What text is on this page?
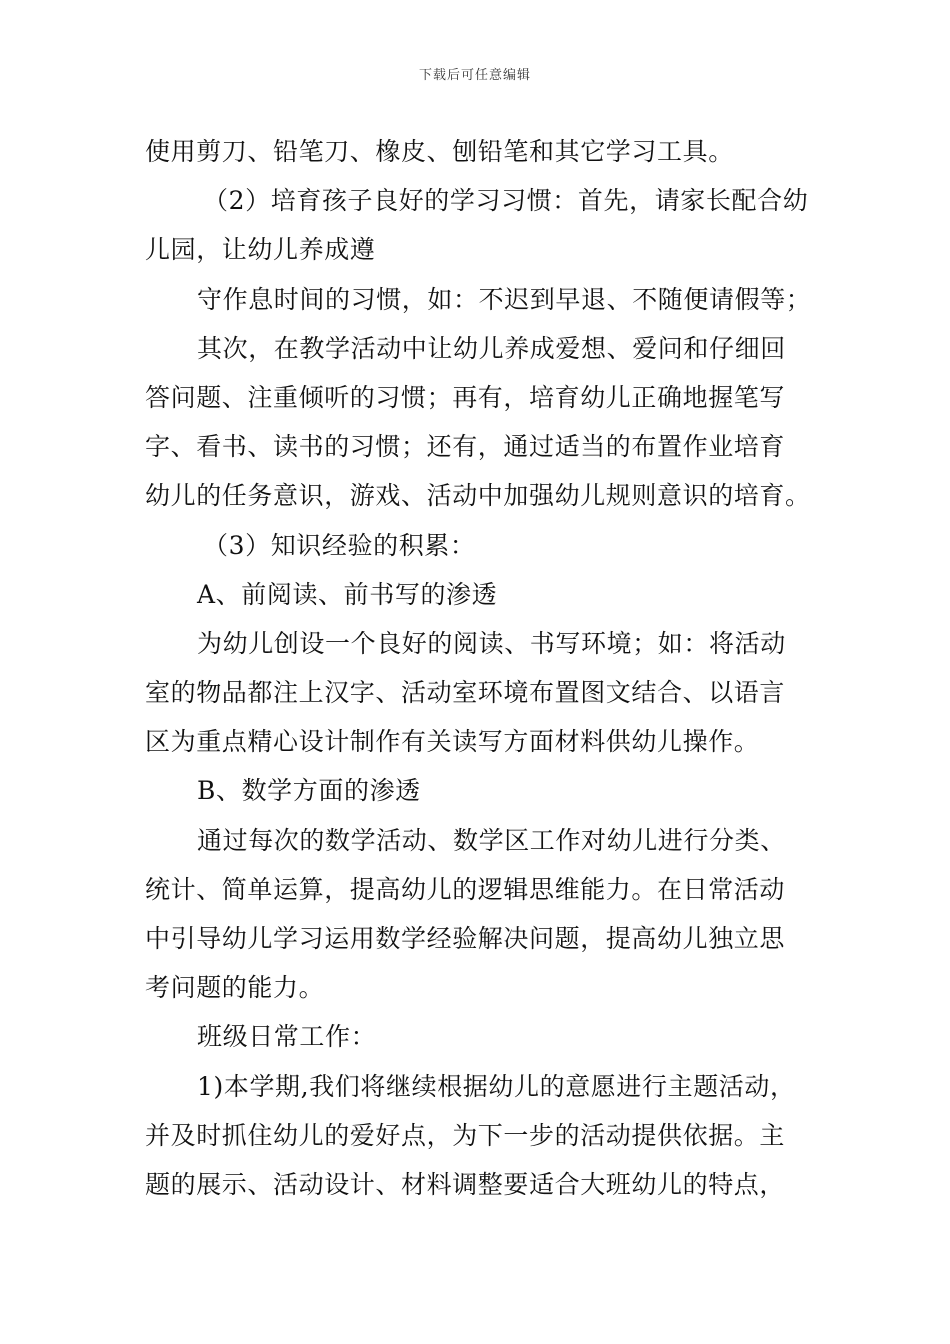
下载后可任意编辑
使用剪刀、铅笔刀、橡皮、刨铅笔和其它学习工具。
（2）培育孩子良好的学习习惯：首先，请家长配合幼
儿园，让幼儿养成遵
守作息时间的习惯，如：不迟到早退、不随便请假等；
其次，在教学活动中让幼儿养成爱想、爱问和仔细回
答问题、注重倾听的习惯；再有，培育幼儿正确地握笔写
字、看书、读书的习惯；还有，通过适当的布置作业培育
幼儿的任务意识，游戏、活动中加强幼儿规则意识的培育。
（3）知识经验的积累：
A、前阅读、前书写的渗透
为幼儿创设一个良好的阅读、书写环境；如：将活动
室的物品都注上汉字、活动室环境布置图文结合、以语言
区为重点精心设计制作有关读写方面材料供幼儿操作。
B、数学方面的渗透
通过每次的数学活动、数学区工作对幼儿进行分类、
统计、简单运算，提高幼儿的逻辑思维能力。在日常活动
中引导幼儿学习运用数学经验解决问题，提高幼儿独立思
考问题的能力。
班级日常工作：
1)本学期,我们将继续根据幼儿的意愿进行主题活动，
并及时抓住幼儿的爱好点，为下一步的活动提供依据。主
题的展示、活动设计、材料调整要适合大班幼儿的特点，
